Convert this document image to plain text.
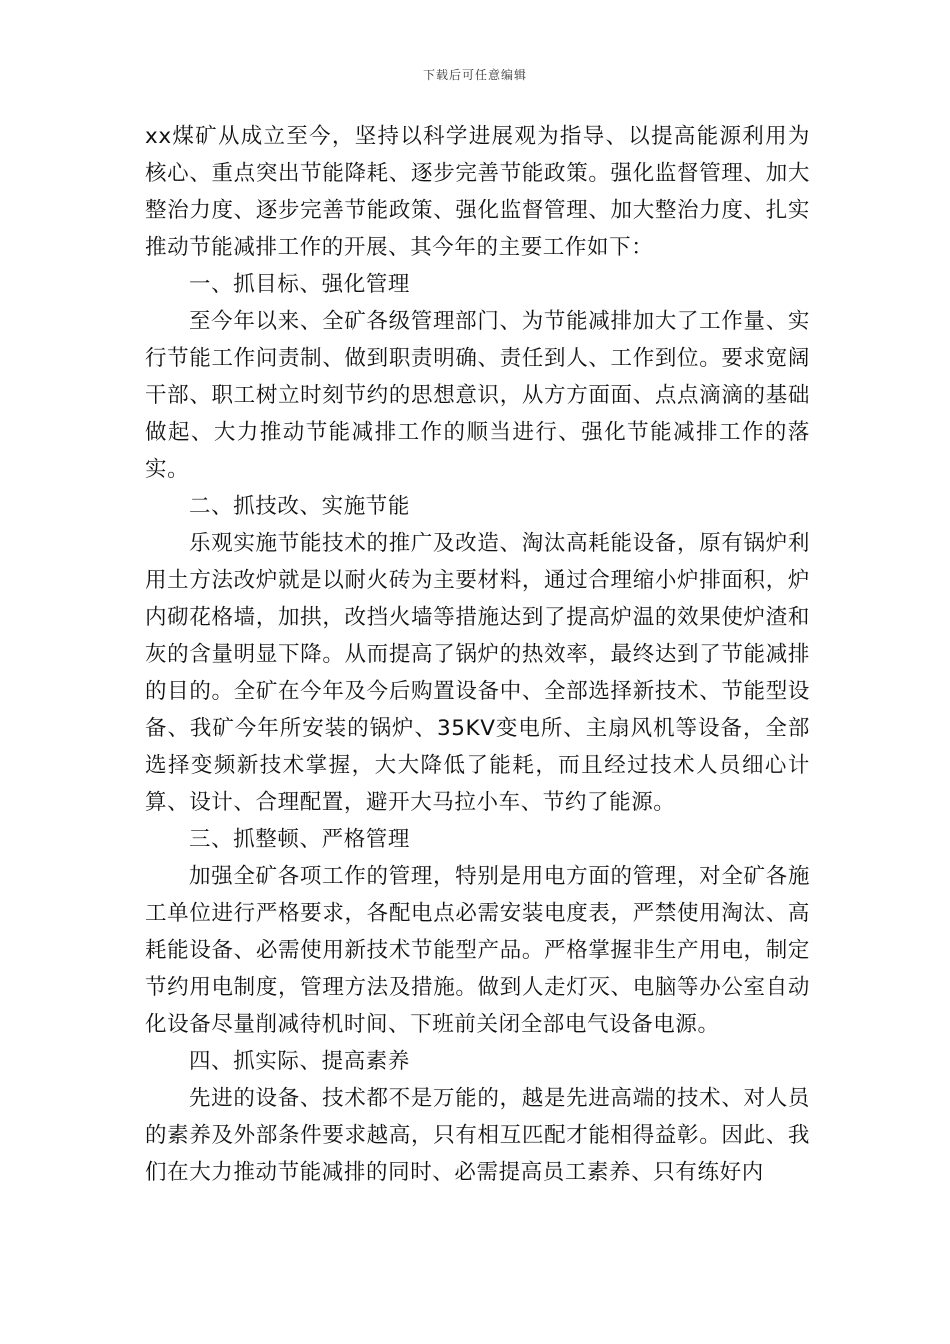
下载后可任意编辑

xx煤矿从成立至今，坚持以科学进展观为指导、以提高能源利用为核心、重点突出节能降耗、逐步完善节能政策。强化监督管理、加大整治力度、逐步完善节能政策、强化监督管理、加大整治力度、扎实推动节能减排工作的开展、其今年的主要工作如下：

一、抓目标、强化管理

至今年以来、全矿各级管理部门、为节能减排加大了工作量、实行节能工作问责制、做到职责明确、责任到人、工作到位。要求宽阔干部、职工树立时刻节约的思想意识，从方方面面、点点滴滴的基础做起、大力推动节能减排工作的顺当进行、强化节能减排工作的落实。

二、抓技改、实施节能

乐观实施节能技术的推广及改造、淘汰高耗能设备，原有锅炉利用土方法改炉就是以耐火砖为主要材料，通过合理缩小炉排面积，炉内砌花格墙，加拱，改挡火墙等措施达到了提高炉温的效果使炉渣和灰的含量明显下降。从而提高了锅炉的热效率，最终达到了节能减排的目的。全矿在今年及今后购置设备中、全部选择新技术、节能型设备、我矿今年所安装的锅炉、35KV变电所、主扇风机等设备，全部选择变频新技术掌握，大大降低了能耗，而且经过技术人员细心计算、设计、合理配置，避开大马拉小车、节约了能源。

三、抓整顿、严格管理

加强全矿各项工作的管理，特别是用电方面的管理，对全矿各施工单位进行严格要求，各配电点必需安装电度表，严禁使用淘汰、高耗能设备、必需使用新技术节能型产品。严格掌握非生产用电，制定节约用电制度，管理方法及措施。做到人走灯灭、电脑等办公室自动化设备尽量削减待机时间、下班前关闭全部电气设备电源。

四、抓实际、提高素养

先进的设备、技术都不是万能的，越是先进高端的技术、对人员的素养及外部条件要求越高，只有相互匹配才能相得益彰。因此、我们在大力推动节能减排的同时、必需提高员工素养、只有练好内
